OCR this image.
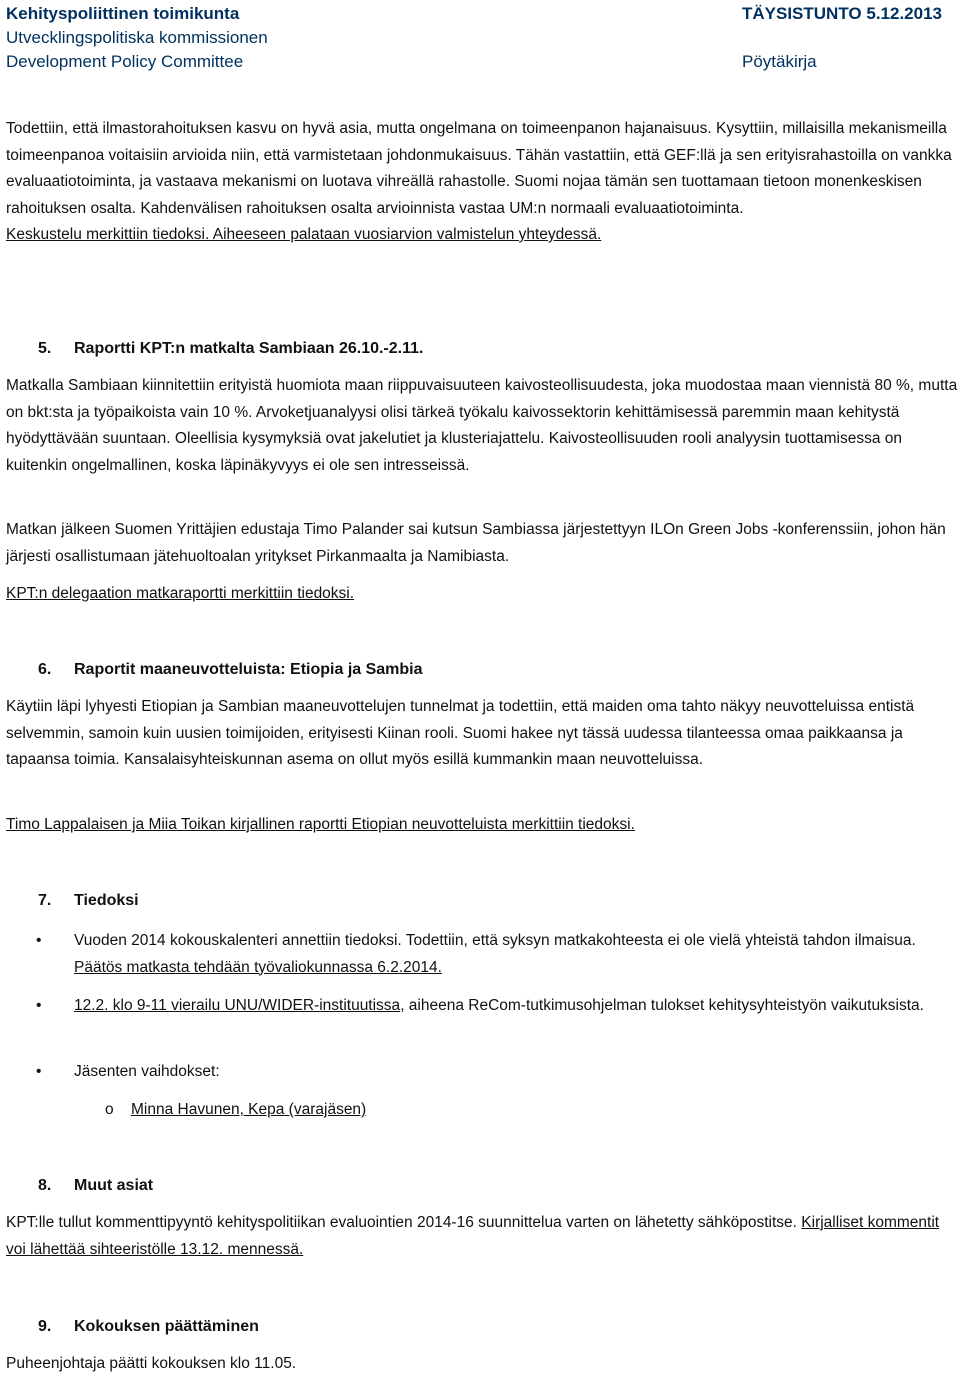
Kehityspoliittinen toimikunta	TÄYSISTUNTO 5.12.2013
Utvecklingspolitiska kommissionen
Development Policy Committee	Pöytäkirja

Todettiin, että ilmastorahoituksen kasvu on hyvä asia, mutta ongelmana on toimeenpanon hajanaisuus. Kysyttiin, millaisilla mekanismeilla toimeenpanoa voitaisiin arvioida niin, että varmistetaan johdonmukaisuus. Tähän vastattiin, että GEF:llä ja sen erityisrahastoilla on vankka evaluaatiotoiminta, ja vastaava mekanismi on luotava vihreällä rahastolle. Suomi nojaa tämän sen tuottamaan tietoon monenkeskisen rahoituksen osalta. Kahdenvälisen rahoituksen osalta arvioinnista vastaa UM:n normaali evaluaatiotoiminta.

Keskustelu merkittiin tiedoksi. Aiheeseen palataan vuosiarvion valmistelun yhteydessä.

5. Raportti KPT:n matkalta Sambiaan 26.10.-2.11.

Matkalla Sambiaan kiinnitettiin erityistä huomiota maan riippuvaisuuteen kaivosteollisuudesta, joka muodostaa maan viennistä 80 %, mutta on bkt:sta ja työpaikoista vain 10 %. Arvoketjuanalyysi olisi tärkeä työkalu kaivossektorin kehittämisessä paremmin maan kehitystä hyödyttävään suuntaan. Oleellisia kysymyksiä ovat jakelutiet ja klusteriajattelu. Kaivosteollisuuden rooli analyysin tuottamisessa on kuitenkin ongelmallinen, koska läpinäkyvyys ei ole sen intresseissä.

Matkan jälkeen Suomen Yrittäjien edustaja Timo Palander sai kutsun Sambiassa järjestettyyn ILOn Green Jobs -konferenssiin, johon hän järjesti osallistumaan jätehuoltoalan yritykset Pirkanmaalta ja Namibiasta.

KPT:n delegaation matkaraportti merkittiin tiedoksi.

6. Raportit maaneuvotteluista: Etiopia ja Sambia

Käytiin läpi lyhyesti Etiopian ja Sambian maaneuvottelujen tunnelmat ja todettiin, että maiden oma tahto näkyy neuvotteluissa entistä selvemmin, samoin kuin uusien toimijoiden, erityisesti Kiinan rooli. Suomi hakee nyt tässä uudessa tilanteessa omaa paikkaansa ja tapaansa toimia. Kansalaisyhteiskunnan asema on ollut myös esillä kummankin maan neuvotteluissa.

Timo Lappalaisen ja Miia Toikan kirjallinen raportti Etiopian neuvotteluista merkittiin tiedoksi.

7. Tiedoksi
• Vuoden 2014 kokouskalenteri annettiin tiedoksi. Todettiin, että syksyn matkakohteesta ei ole vielä yhteistä tahdon ilmaisua. Päätös matkasta tehdään työvaliokunnassa 6.2.2014.
• 12.2. klo 9-11 vierailu UNU/WIDER-instituutissa, aiheena ReCom-tutkimusohjelman tulokset kehitysyhteistyön vaikutuksista.
• Jäsenten vaihdokset:
o Minna Havunen, Kepa (varajäsen)
8. Muut asiat

KPT:lle tullut kommenttipyyntö kehityspolitiikan evaluointien 2014-16 suunnittelua varten on lähetetty sähköpostitse. Kirjalliset kommentit voi lähettää sihteeristölle 13.12. mennessä.

9. Kokouksen päättäminen

Puheenjohtaja päätti kokouksen klo 11.05.
